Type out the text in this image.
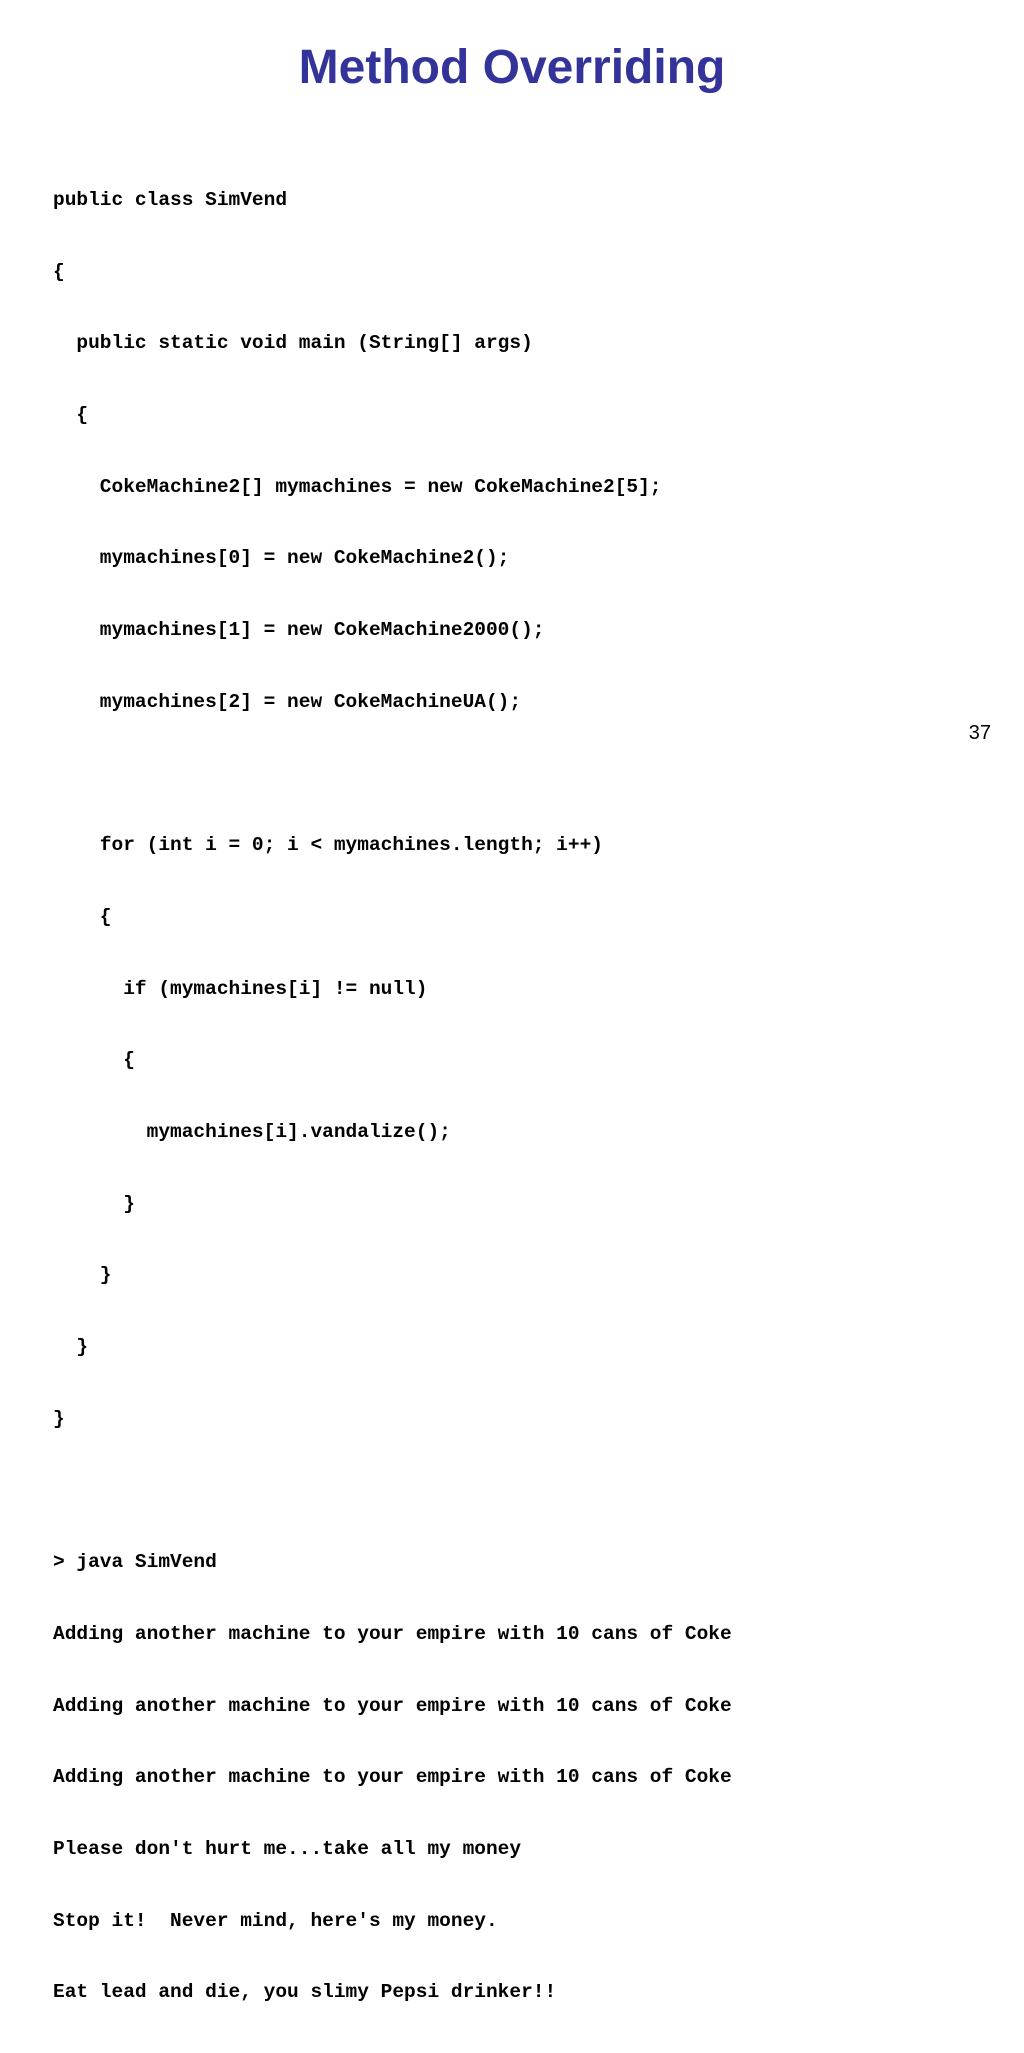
Method Overriding

public class SimVend

{

public static void main (String[] args)

{

CokeMachine2[] mymachines = new CokeMachine2[5];

mymachines[0] = new CokeMachine2();

mymachines[1] = new CokeMachine2000();

mymachines[2] = new CokeMachineUA();

for (int i = 0; i < mymachines.length; i++)

{

if (mymachines[i] != null)

{

mymachines[i].vandalize();

}

}

}

}

> java SimVend

Adding another machine to your empire with 10 cans of Coke

Adding another machine to your empire with 10 cans of Coke

Adding another machine to your empire with 10 cans of Coke

Please don't hurt me...take all my money

Stop it!  Never mind, here's my money.

Eat lead and die, you slimy Pepsi drinker!!

37
